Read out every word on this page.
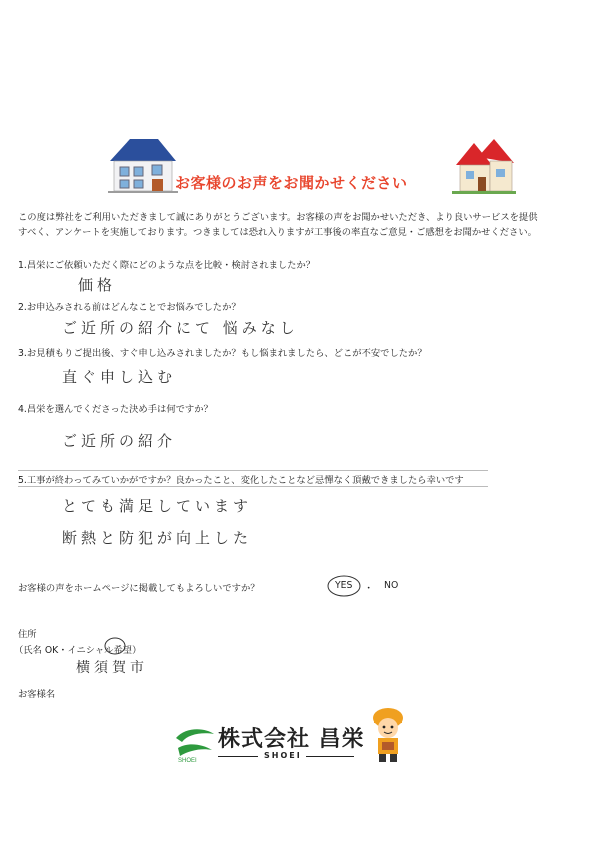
お客様のお声をお聞かせください
この度は弊社をご利用いただきまして誠にありがとうございます。お客様の声をお聞かせいただき、より良いサービスを提供
すべく、アンケートを実施しております。つきましては恐れ入りますが工事後の率直なご意見・ご感想をお聞かせください。
1.昌栄にご依頼いただく際にどのような点を比較・検討されましたか？
価格
2.お申込みされる前はどんなことでお悩みでしたか？
ご近所の紹介にて 悩みなし
3.お見積もりご提出後、すぐ申し込みされましたか？もし悩まれましたら、どこが不安でしたか？
直ぐ申し込む
4.昌栄を選んでくださった決め手は何ですか？
ご近所の紹介
5.工事が終わってみていかがですか？良かったこと、変化したことなど忌憚なく頂戴できましたら幸いです
とても満足しています
断熱と防犯が向上した
お客様の声をホームページに掲載してもよろしいですか？	YES ・ NO
住所
（氏名 OK・イニシャル希望）
横須賀市
お客様名
SHOEI
株式会社 昌栄
SHOEI
